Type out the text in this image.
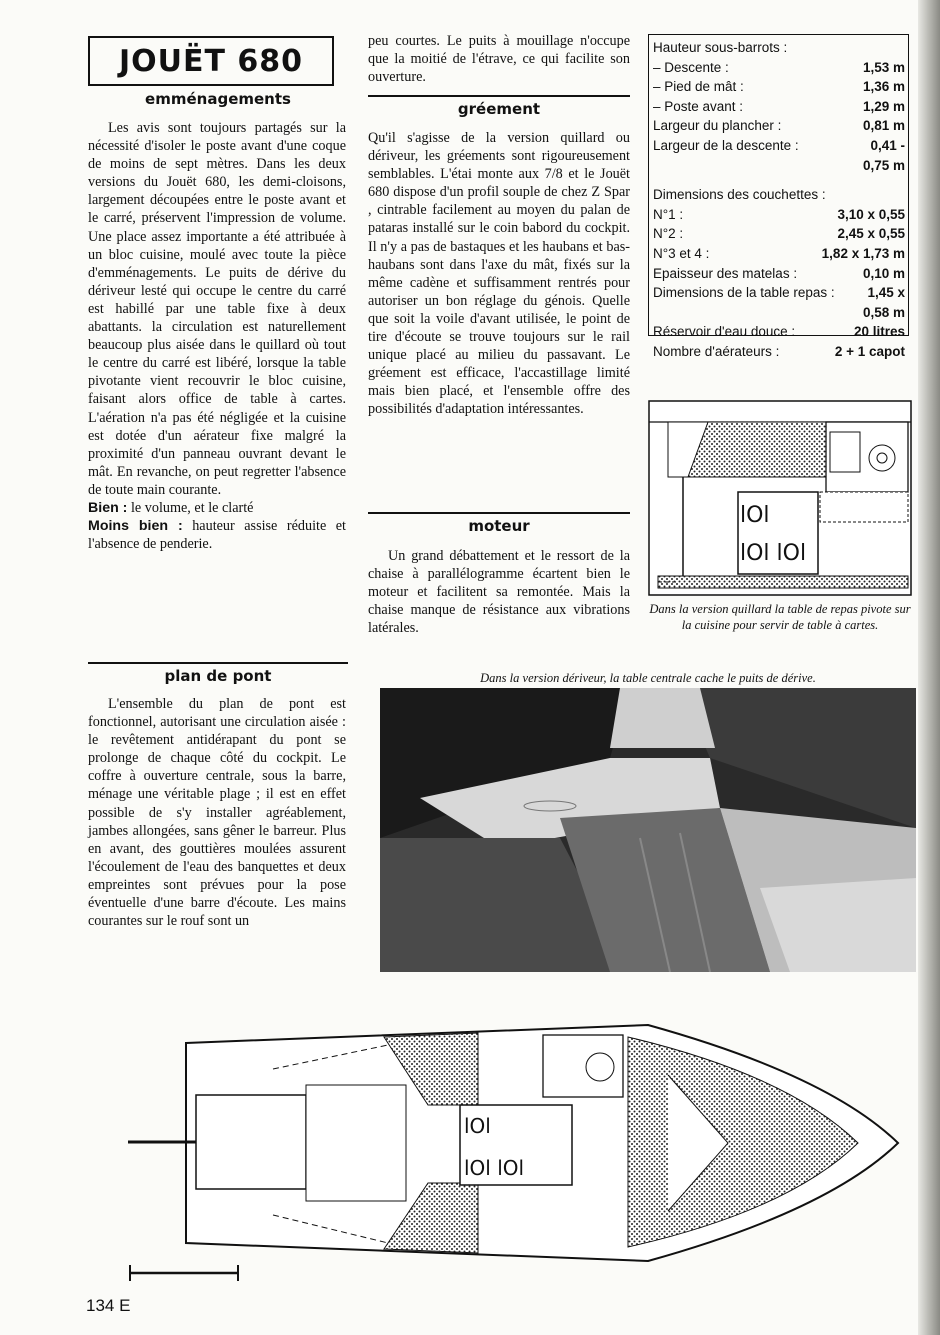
JOUËT 680
emménagements

Les avis sont toujours partagés sur la nécessité d'isoler le poste avant d'une coque de moins de sept mètres. Dans les deux versions du Jouët 680, les demi-cloisons, largement découpées entre le poste avant et le carré, préservent l'impression de volume. Une place assez importante a été attribuée à un bloc cuisine, moulé avec toute la pièce d'emménagements. Le puits de dérive du dériveur lesté qui occupe le centre du carré est habillé par une table fixe à deux abattants. la circulation est naturellement beaucoup plus aisée dans le quillard où tout le centre du carré est libéré, lorsque la table pivotante vient recouvrir le bloc cuisine, faisant alors office de table à cartes. L'aération n'a pas été négligée et la cuisine est dotée d'un aérateur fixe malgré la proximité d'un panneau ouvrant devant le mât. En revanche, on peut regretter l'absence de toute main courante.

Bien : le volume, et le clarté
Moins bien : hauteur assise réduite et l'absence de penderie.
plan de pont

L'ensemble du plan de pont est fonctionnel, autorisant une circulation aisée : le revêtement antidérapant du pont se prolonge de chaque côté du cockpit. Le coffre à ouverture centrale, sous la barre, ménage une véritable plage ; il est en effet possible de s'y installer agréablement, jambes allongées, sans gêner le barreur. Plus en avant, des gouttières moulées assurent l'écoulement de l'eau des banquettes et deux empreintes sont prévues pour la pose éventuelle d'une barre d'écoute. Les mains courantes sur le rouf sont un

peu courtes. Le puits à mouillage n'occupe que la moitié de l'étrave, ce qui facilite son ouverture.

gréement

Qu'il s'agisse de la version quillard ou dériveur, les gréements sont rigoureusement semblables. L'étai monte aux 7/8 et le Jouët 680 dispose d'un profil souple de chez Z Spar , cintrable facilement au moyen du palan de pataras installé sur le coin babord du cockpit. Il n'y a pas de bastaques et les haubans et bas-haubans sont dans l'axe du mât, fixés sur la même cadène et suffisamment rentrés pour autoriser un bon réglage du génois. Quelle que soit la voile d'avant utilisée, le point de tire d'écoute se trouve toujours sur le rail unique placé au milieu du passavant. Le gréement est efficace, l'accastillage limité mais bien placé, et l'ensemble offre des possibilités d'adaptation intéressantes.

moteur

Un grand débattement et le ressort de la chaise à parallélogramme écartent bien le moteur et facilitent sa remontée. Mais la chaise manque de résistance aux vibrations latérales.

Hauteur sous-barrots :
– Descente :	1,53 m
– Pied de mât :	1,36 m
– Poste avant :	1,29 m
Largeur du plancher :	0,81 m
Largeur de la descente :	0,41 -
0,75 m
Dimensions des couchettes :
N°1 :	3,10 x 0,55
N°2 :	2,45 x 0,55
N°3 et 4 :	1,82 x 1,73 m
Epaisseur des matelas :	0,10 m
Dimensions de la table repas : 1,45 x
0,58 m
Réservoir d'eau douce :	20 litres
Nombre d'aérateurs :	2 + 1 capot
lOl
lOl lOl
Dans la version quillard la table de repas pivote sur la cuisine pour servir de table à cartes.
Dans la version dériveur, la table centrale cache le puits de dérive.
lOl
lOl lOl
134 E
